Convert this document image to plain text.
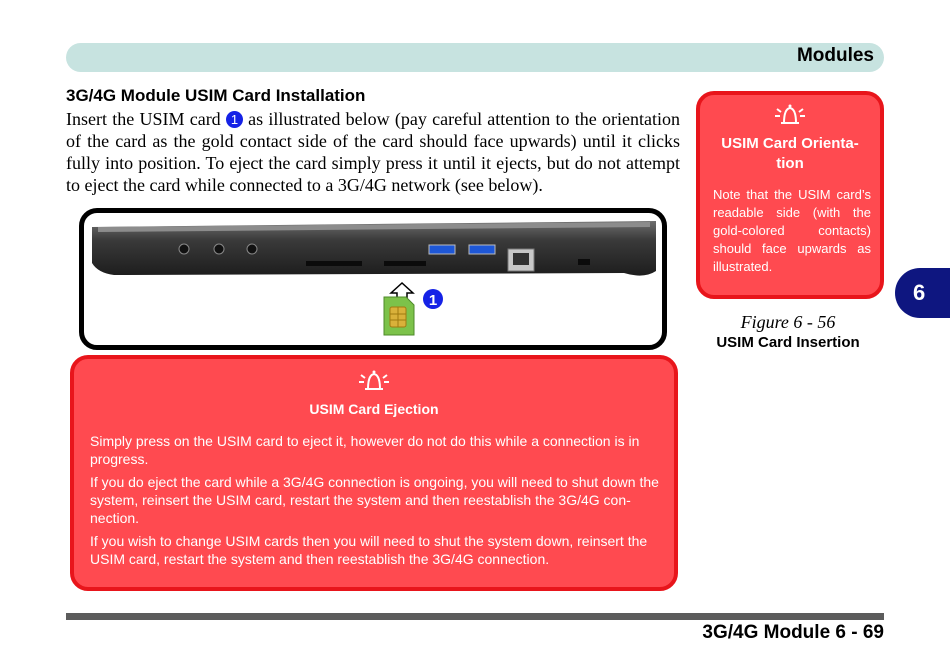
Modules
3G/4G Module USIM Card Installation
Insert the USIM card 1 as illustrated below (pay careful attention to the orientation of the card as the gold contact side of the card should face upwards) until it clicks fully into position. To eject the card simply press it until it ejects, but do not attempt to eject the card while connected to a 3G/4G network (see below).
1
USIM Card Orienta- tion
Note that the USIM card’s readable side (with the gold-colored contacts) should face upwards as illustrated.
Figure 6 - 56
USIM Card Insertion
6
USIM Card Ejection

Simply press on the USIM card to eject it, however do not do this while a connection is in progress.

If you do eject the card while a 3G/4G connection is ongoing, you will need to shut down the system, reinsert the USIM card, restart the system and then reestablish the 3G/4G con- nection.

If you wish to change USIM cards then you will need to shut the system down, reinsert the USIM card, restart the system and then reestablish the 3G/4G connection.

3G/4G Module 6 - 69
